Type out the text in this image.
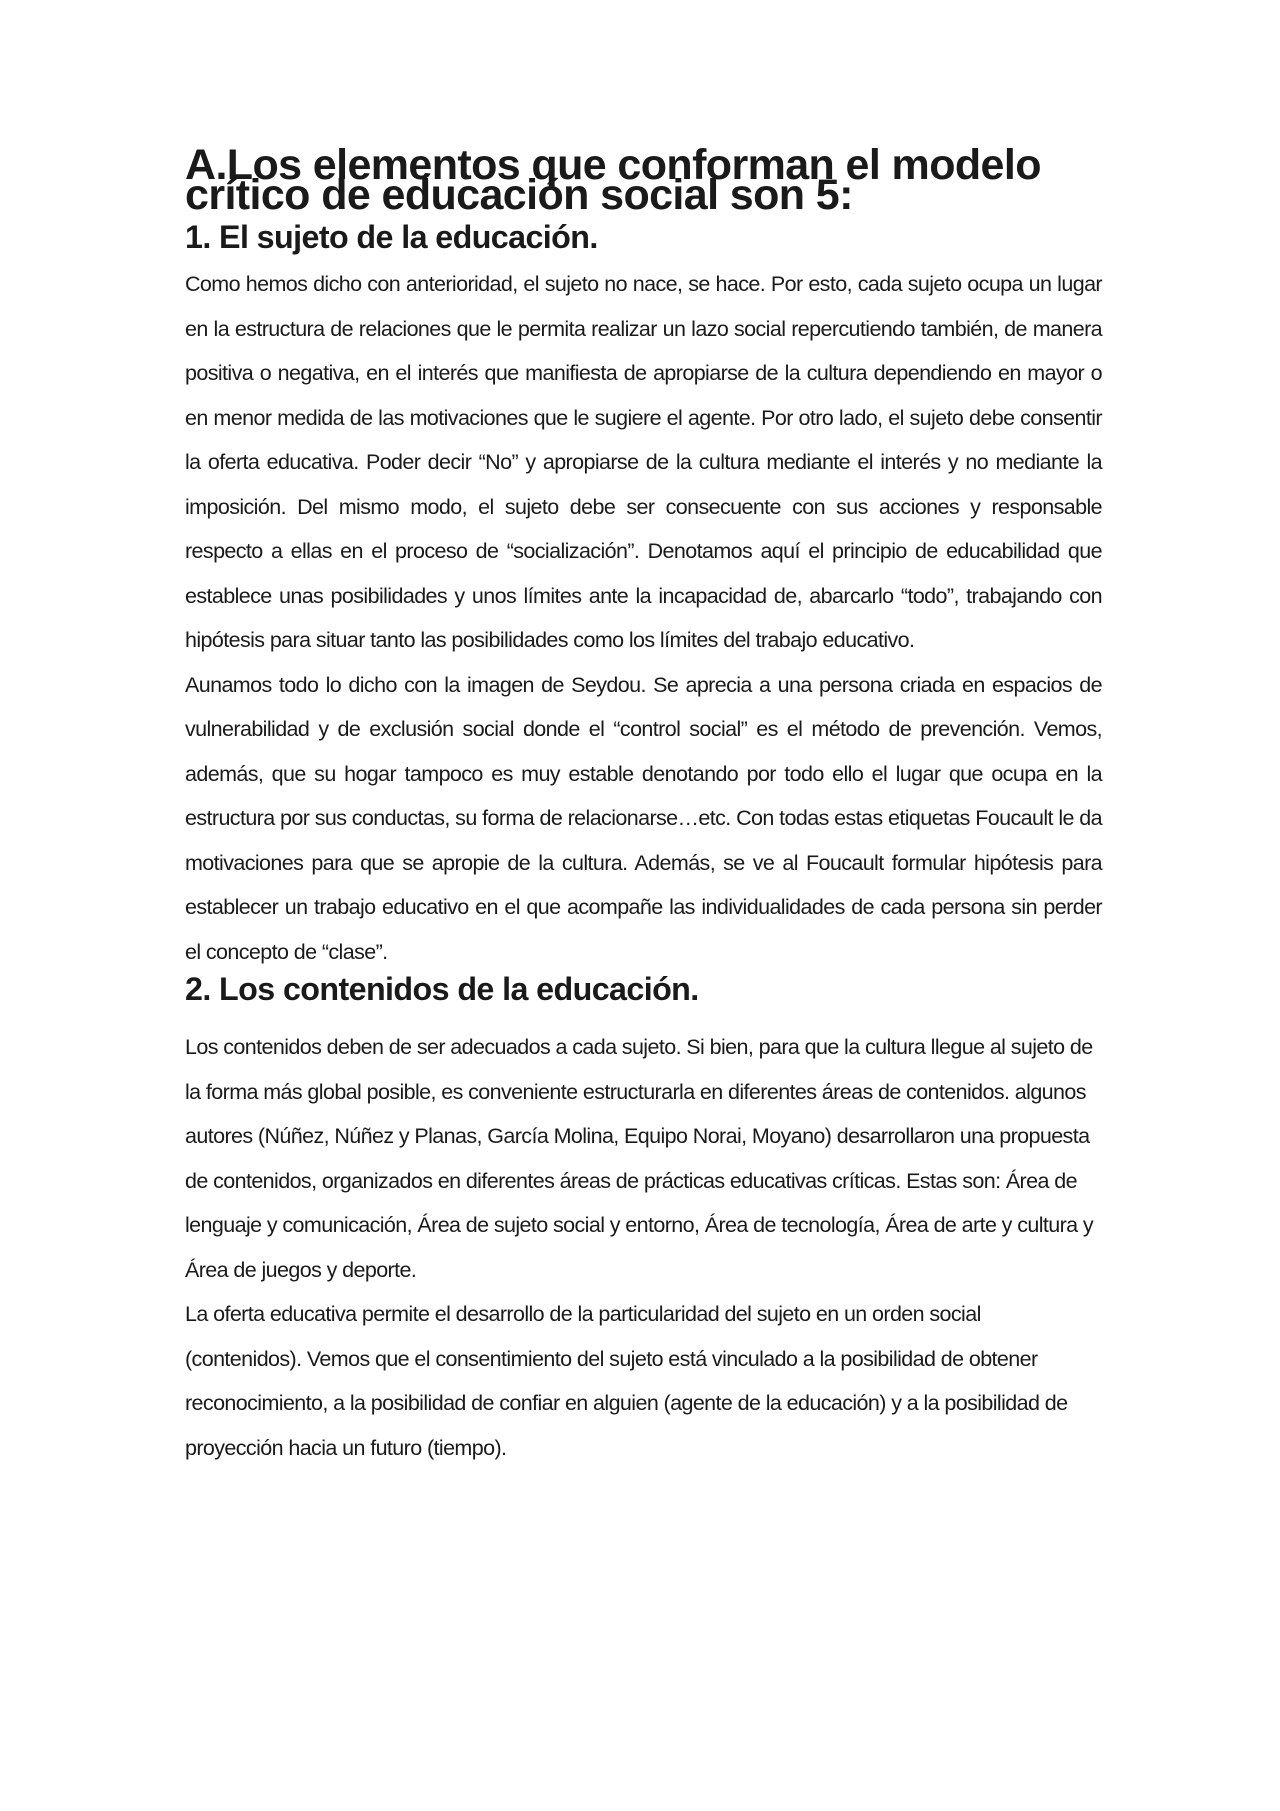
A.Los elementos que conforman el modelo crítico de educación social son 5:
1. El sujeto de la educación.

Como hemos dicho con anterioridad, el sujeto no nace, se hace. Por esto, cada sujeto ocupa un lugar en la estructura de relaciones que le permita realizar un lazo social repercutiendo también, de manera positiva o negativa, en el interés que manifiesta de apropiarse de la cultura dependiendo en mayor o en menor medida de las motivaciones que le sugiere el agente. Por otro lado, el sujeto debe consentir la oferta educativa. Poder decir “No” y apropiarse de la cultura mediante el interés y no mediante la imposición. Del mismo modo, el sujeto debe ser consecuente con sus acciones y responsable respecto a ellas en el proceso de “socialización”. Denotamos aquí el principio de educabilidad que establece unas posibilidades y unos límites ante la incapacidad de, abarcarlo “todo”, trabajando con hipótesis para situar tanto las posibilidades como los límites del trabajo educativo.

Aunamos todo lo dicho con la imagen de Seydou. Se aprecia a una persona criada en espacios de vulnerabilidad y de exclusión social donde el “control social” es el método de prevención. Vemos, además, que su hogar tampoco es muy estable denotando por todo ello el lugar que ocupa en la estructura por sus conductas, su forma de relacionarse…etc. Con todas estas etiquetas Foucault le da motivaciones para que se apropie de la cultura. Además, se ve al Foucault formular hipótesis para establecer un trabajo educativo en el que acompañe las individualidades de cada persona sin perder el concepto de “clase”.

2. Los contenidos de la educación.

Los contenidos deben de ser adecuados a cada sujeto. Si bien, para que la cultura llegue al sujeto de la forma más global posible, es conveniente estructurarla en diferentes áreas de contenidos. algunos autores (Núñez, Núñez y Planas, García Molina, Equipo Norai, Moyano) desarrollaron una propuesta de contenidos, organizados en diferentes áreas de prácticas educativas críticas. Estas son: Área de lenguaje y comunicación, Área de sujeto social y entorno, Área de tecnología, Área de arte y cultura y Área de juegos y deporte.

La oferta educativa permite el desarrollo de la particularidad del sujeto en un orden social (contenidos). Vemos que el consentimiento del sujeto está vinculado a la posibilidad de obtener reconocimiento, a la posibilidad de confiar en alguien (agente de la educación) y a la posibilidad de proyección hacia un futuro (tiempo).
